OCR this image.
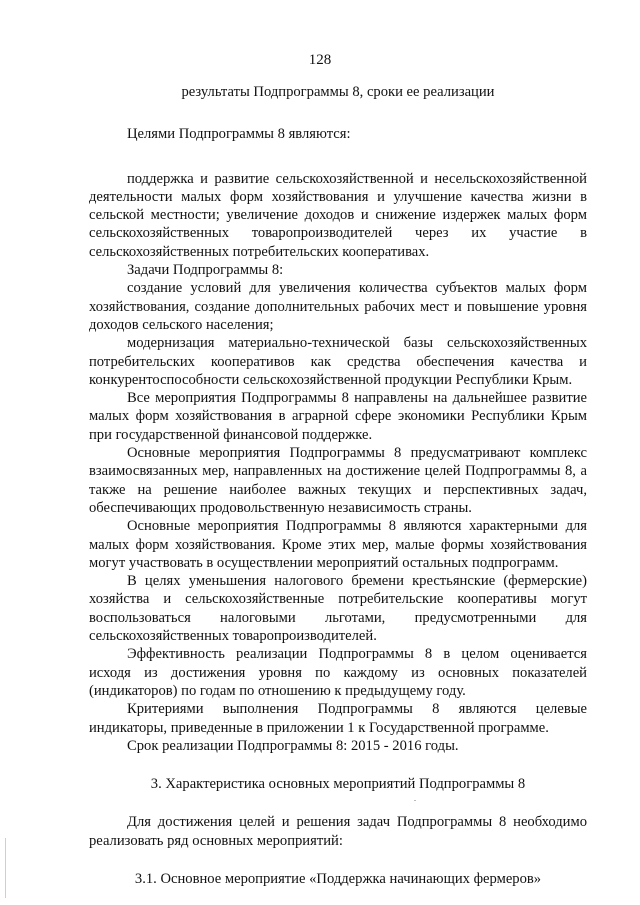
128

результаты Подпрограммы 8, сроки ее реализации

Целями Подпрограммы 8 являются:

поддержка и развитие сельскохозяйственной и несельскохозяйственной деятельности малых форм хозяйствования и улучшение качества жизни в сельской местности; увеличение доходов и снижение издержек малых форм сельскохозяйственных товаропроизводителей через их участие в сельскохозяйственных потребительских кооперативах.

Задачи Подпрограммы 8:

создание условий для увеличения количества субъектов малых форм хозяйствования, создание дополнительных рабочих мест и повышение уровня доходов сельского населения;

модернизация материально-технической базы сельскохозяйственных потребительских кооперативов как средства обеспечения качества и конкурентоспособности сельскохозяйственной продукции Республики Крым.

Все мероприятия Подпрограммы 8 направлены на дальнейшее развитие малых форм хозяйствования в аграрной сфере экономики Республики Крым при государственной финансовой поддержке.

Основные мероприятия Подпрограммы 8 предусматривают комплекс взаимосвязанных мер, направленных на достижение целей Подпрограммы 8, а также на решение наиболее важных текущих и перспективных задач, обеспечивающих продовольственную независимость страны.

Основные мероприятия Подпрограммы 8 являются характерными для малых форм хозяйствования. Кроме этих мер, малые формы хозяйствования могут участвовать в осуществлении мероприятий остальных подпрограмм.

В целях уменьшения налогового бремени крестьянские (фермерские) хозяйства и сельскохозяйственные потребительские кооперативы могут воспользоваться налоговыми льготами, предусмотренными для сельскохозяйственных товаропроизводителей.

Эффективность реализации Подпрограммы 8 в целом оценивается исходя из достижения уровня по каждому из основных показателей (индикаторов) по годам по отношению к предыдущему году.

Критериями выполнения Подпрограммы 8 являются целевые индикаторы, приведенные в приложении 1 к Государственной программе.

Срок реализации Подпрограммы 8: 2015 - 2016 годы.

3. Характеристика основных мероприятий Подпрограммы 8

Для достижения целей и решения задач Подпрограммы 8 необходимо реализовать ряд основных мероприятий:

3.1. Основное мероприятие «Поддержка начинающих фермеров»
